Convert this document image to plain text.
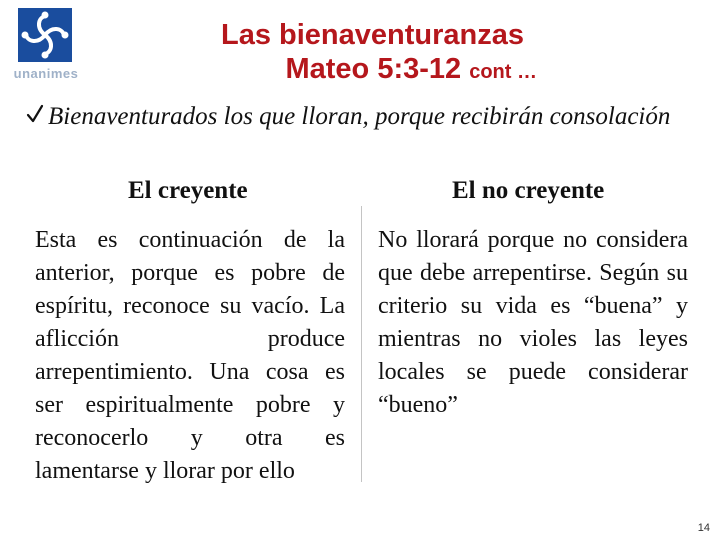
unanimes
Las bienaventuranzas
Mateo 5:3-12 cont …
Bienaventurados los que lloran, porque recibirán consolación
El creyente	El no creyente
Esta es continuación de la anterior, porque es pobre de espíritu, reconoce su vacío. La aflicción produce arrepentimiento. Una cosa es ser espiritualmente pobre y reconocerlo y otra es lamentarse y llorar por ello
No llorará porque no considera que debe arrepentirse. Según su criterio su vida es “buena” y mientras no violes las leyes locales se puede considerar “bueno”
14
